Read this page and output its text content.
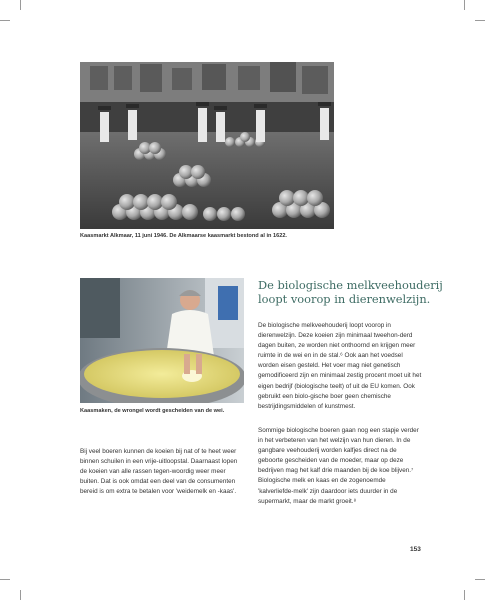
Kaasmarkt Alkmaar, 11 juni 1946. De Alkmaarse kaasmarkt bestond al in 1622.
Kaasmaken, de wrongel wordt gescheiden van de wei.
De biologische melkveehouderij loopt voorop in dierenwelzijn.
Bij veel boeren kunnen de koeien bij nat of te heet weer binnen schuilen in een vrije-uitloopstal. Daarnaast lopen de koeien van alle rassen tegen-woordig weer meer buiten. Dat is ook omdat een deel van de consumenten bereid is om extra te betalen voor 'weidemelk en -kaas'.
De biologische melkveehouderij loopt voorop in dierenwelzijn. Deze koeien zijn minimaal tweehon-derd dagen buiten, ze worden niet onthoornd en krijgen meer ruimte in de wei en in de stal.⁶ Ook aan het voedsel worden eisen gesteld. Het voer mag niet genetisch gemodificeerd zijn en minimaal zestig procent moet uit het eigen bedrijf (biologische teelt) of uit de EU komen. Ook gebruikt een biolo-gische boer geen chemische bestrijdingsmiddelen of kunstmest.
Sommige biologische boeren gaan nog een stapje verder in het verbeteren van het welzijn van hun dieren. In de gangbare veehouderij worden kalfjes direct na de geboorte gescheiden van de moeder, maar op deze bedrijven mag het kalf drie maanden bij de koe blijven.⁷ Biologische melk en kaas en de zogenoemde 'kalverliefde-melk' zijn daardoor iets duurder in de supermarkt, maar de markt groeit.⁸
153
